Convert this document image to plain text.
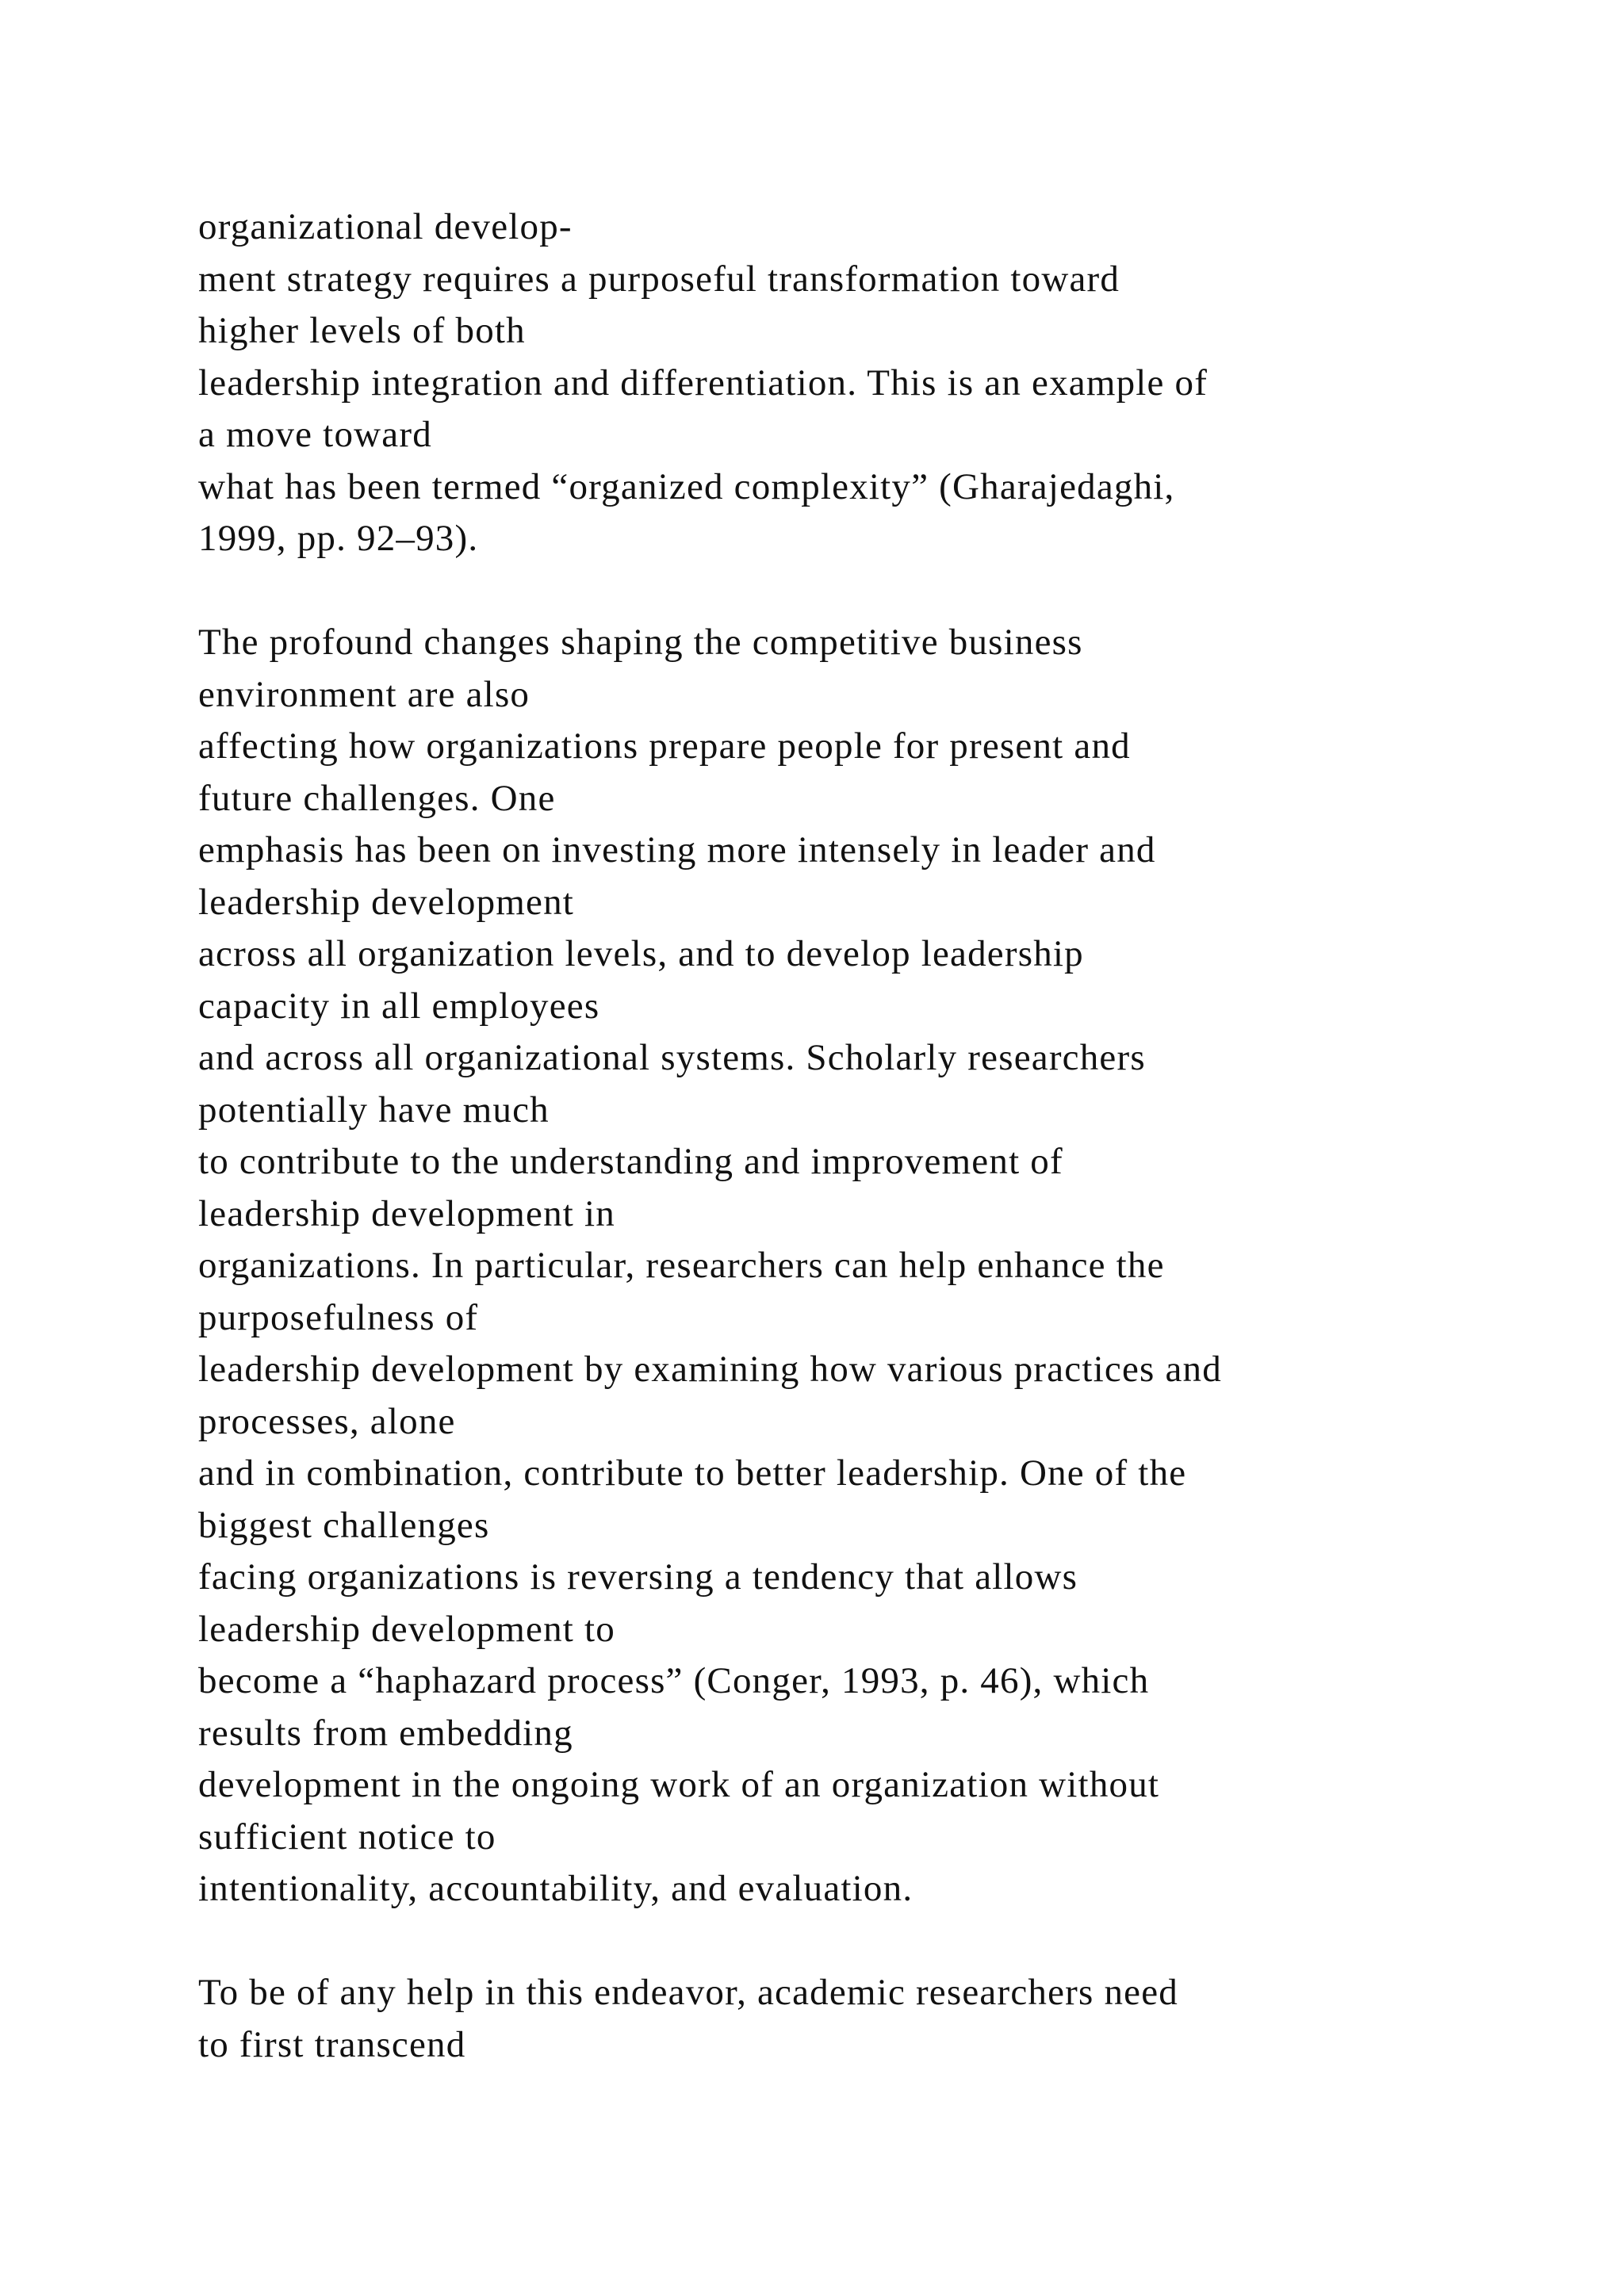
organizational develop-
ment strategy requires a purposeful transformation toward
higher levels of both
leadership integration and differentiation. This is an example of
a move toward
what has been termed “organized complexity” (Gharajedaghi,
1999, pp. 92–93).
The profound changes shaping the competitive business
environment are also
affecting how organizations prepare people for present and
future challenges. One
emphasis has been on investing more intensely in leader and
leadership development
across all organization levels, and to develop leadership
capacity in all employees
and across all organizational systems. Scholarly researchers
potentially have much
to contribute to the understanding and improvement of
leadership development in
organizations. In particular, researchers can help enhance the
purposefulness of
leadership development by examining how various practices and
processes, alone
and in combination, contribute to better leadership. One of the
biggest challenges
facing organizations is reversing a tendency that allows
leadership development to
become a “haphazard process” (Conger, 1993, p. 46), which
results from embedding
development in the ongoing work of an organization without
sufficient notice to
intentionality, accountability, and evaluation.
To be of any help in this endeavor, academic researchers need
to first transcend
